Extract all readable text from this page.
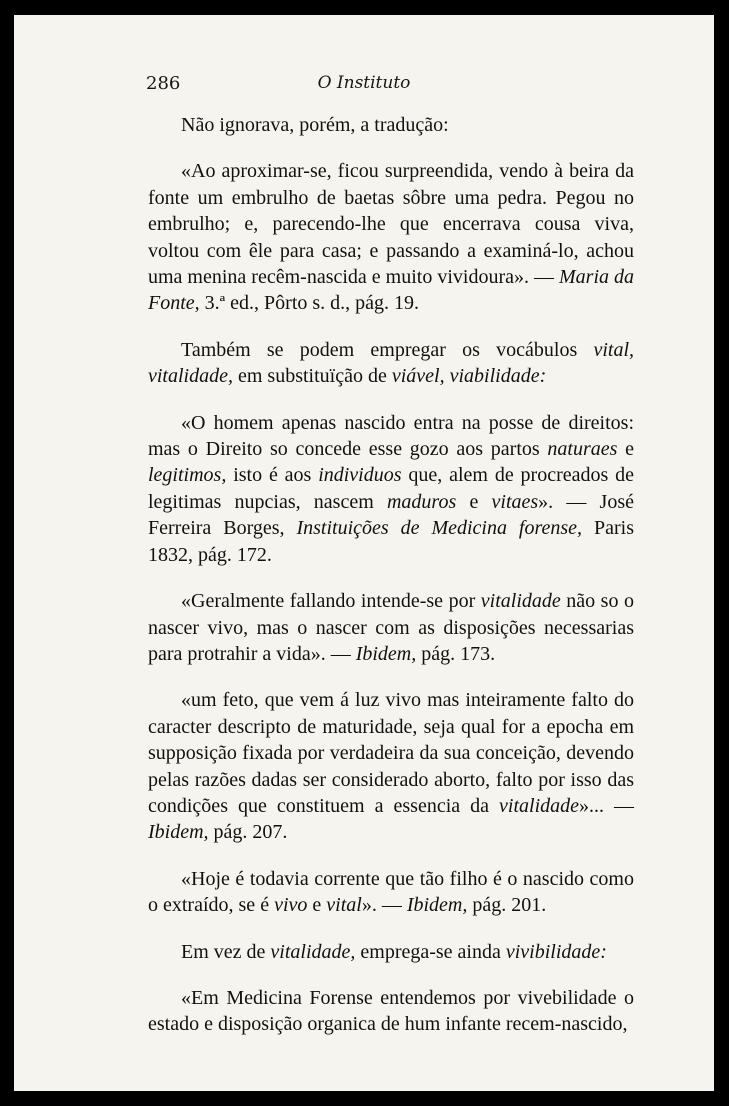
286	O Instituto

Não ignorava, porém, a tradução:

«Ao aproximar-se, ficou surpreendida, vendo à beira da fonte um embrulho de baetas sôbre uma pedra. Pegou no embrulho; e, parecendo-lhe que encerrava cousa viva, voltou com êle para casa; e passando a examiná-lo, achou uma menina recêm-nascida e muito vividoura». — Maria da Fonte, 3.ª ed., Pôrto s. d., pág. 19.

Também se podem empregar os vocábulos vital, vitalidade, em substituïção de viável, viabilidade:

«O homem apenas nascido entra na posse de direitos: mas o Direito so concede esse gozo aos partos naturaes e legitimos, isto é aos individuos que, alem de procreados de legitimas nupcias, nascem maduros e vitaes». — José Ferreira Borges, Instituições de Medicina forense, Paris 1832, pág. 172.

«Geralmente fallando intende-se por vitalidade não so o nascer vivo, mas o nascer com as disposições necessarias para protrahir a vida». — Ibidem, pág. 173.

«um feto, que vem á luz vivo mas inteiramente falto do caracter descripto de maturidade, seja qual for a epocha em supposição fixada por verdadeira da sua conceição, devendo pelas razões dadas ser considerado aborto, falto por isso das condições que constituem a essencia da vitalidade»... — Ibidem, pág. 207.

«Hoje é todavia corrente que tão filho é o nascido como o extraído, se é vivo e vital». — Ibidem, pág. 201.

Em vez de vitalidade, emprega-se ainda vivibilidade:

«Em Medicina Forense entendemos por vivebilidade o estado e disposição organica de hum infante recem-nascido,
